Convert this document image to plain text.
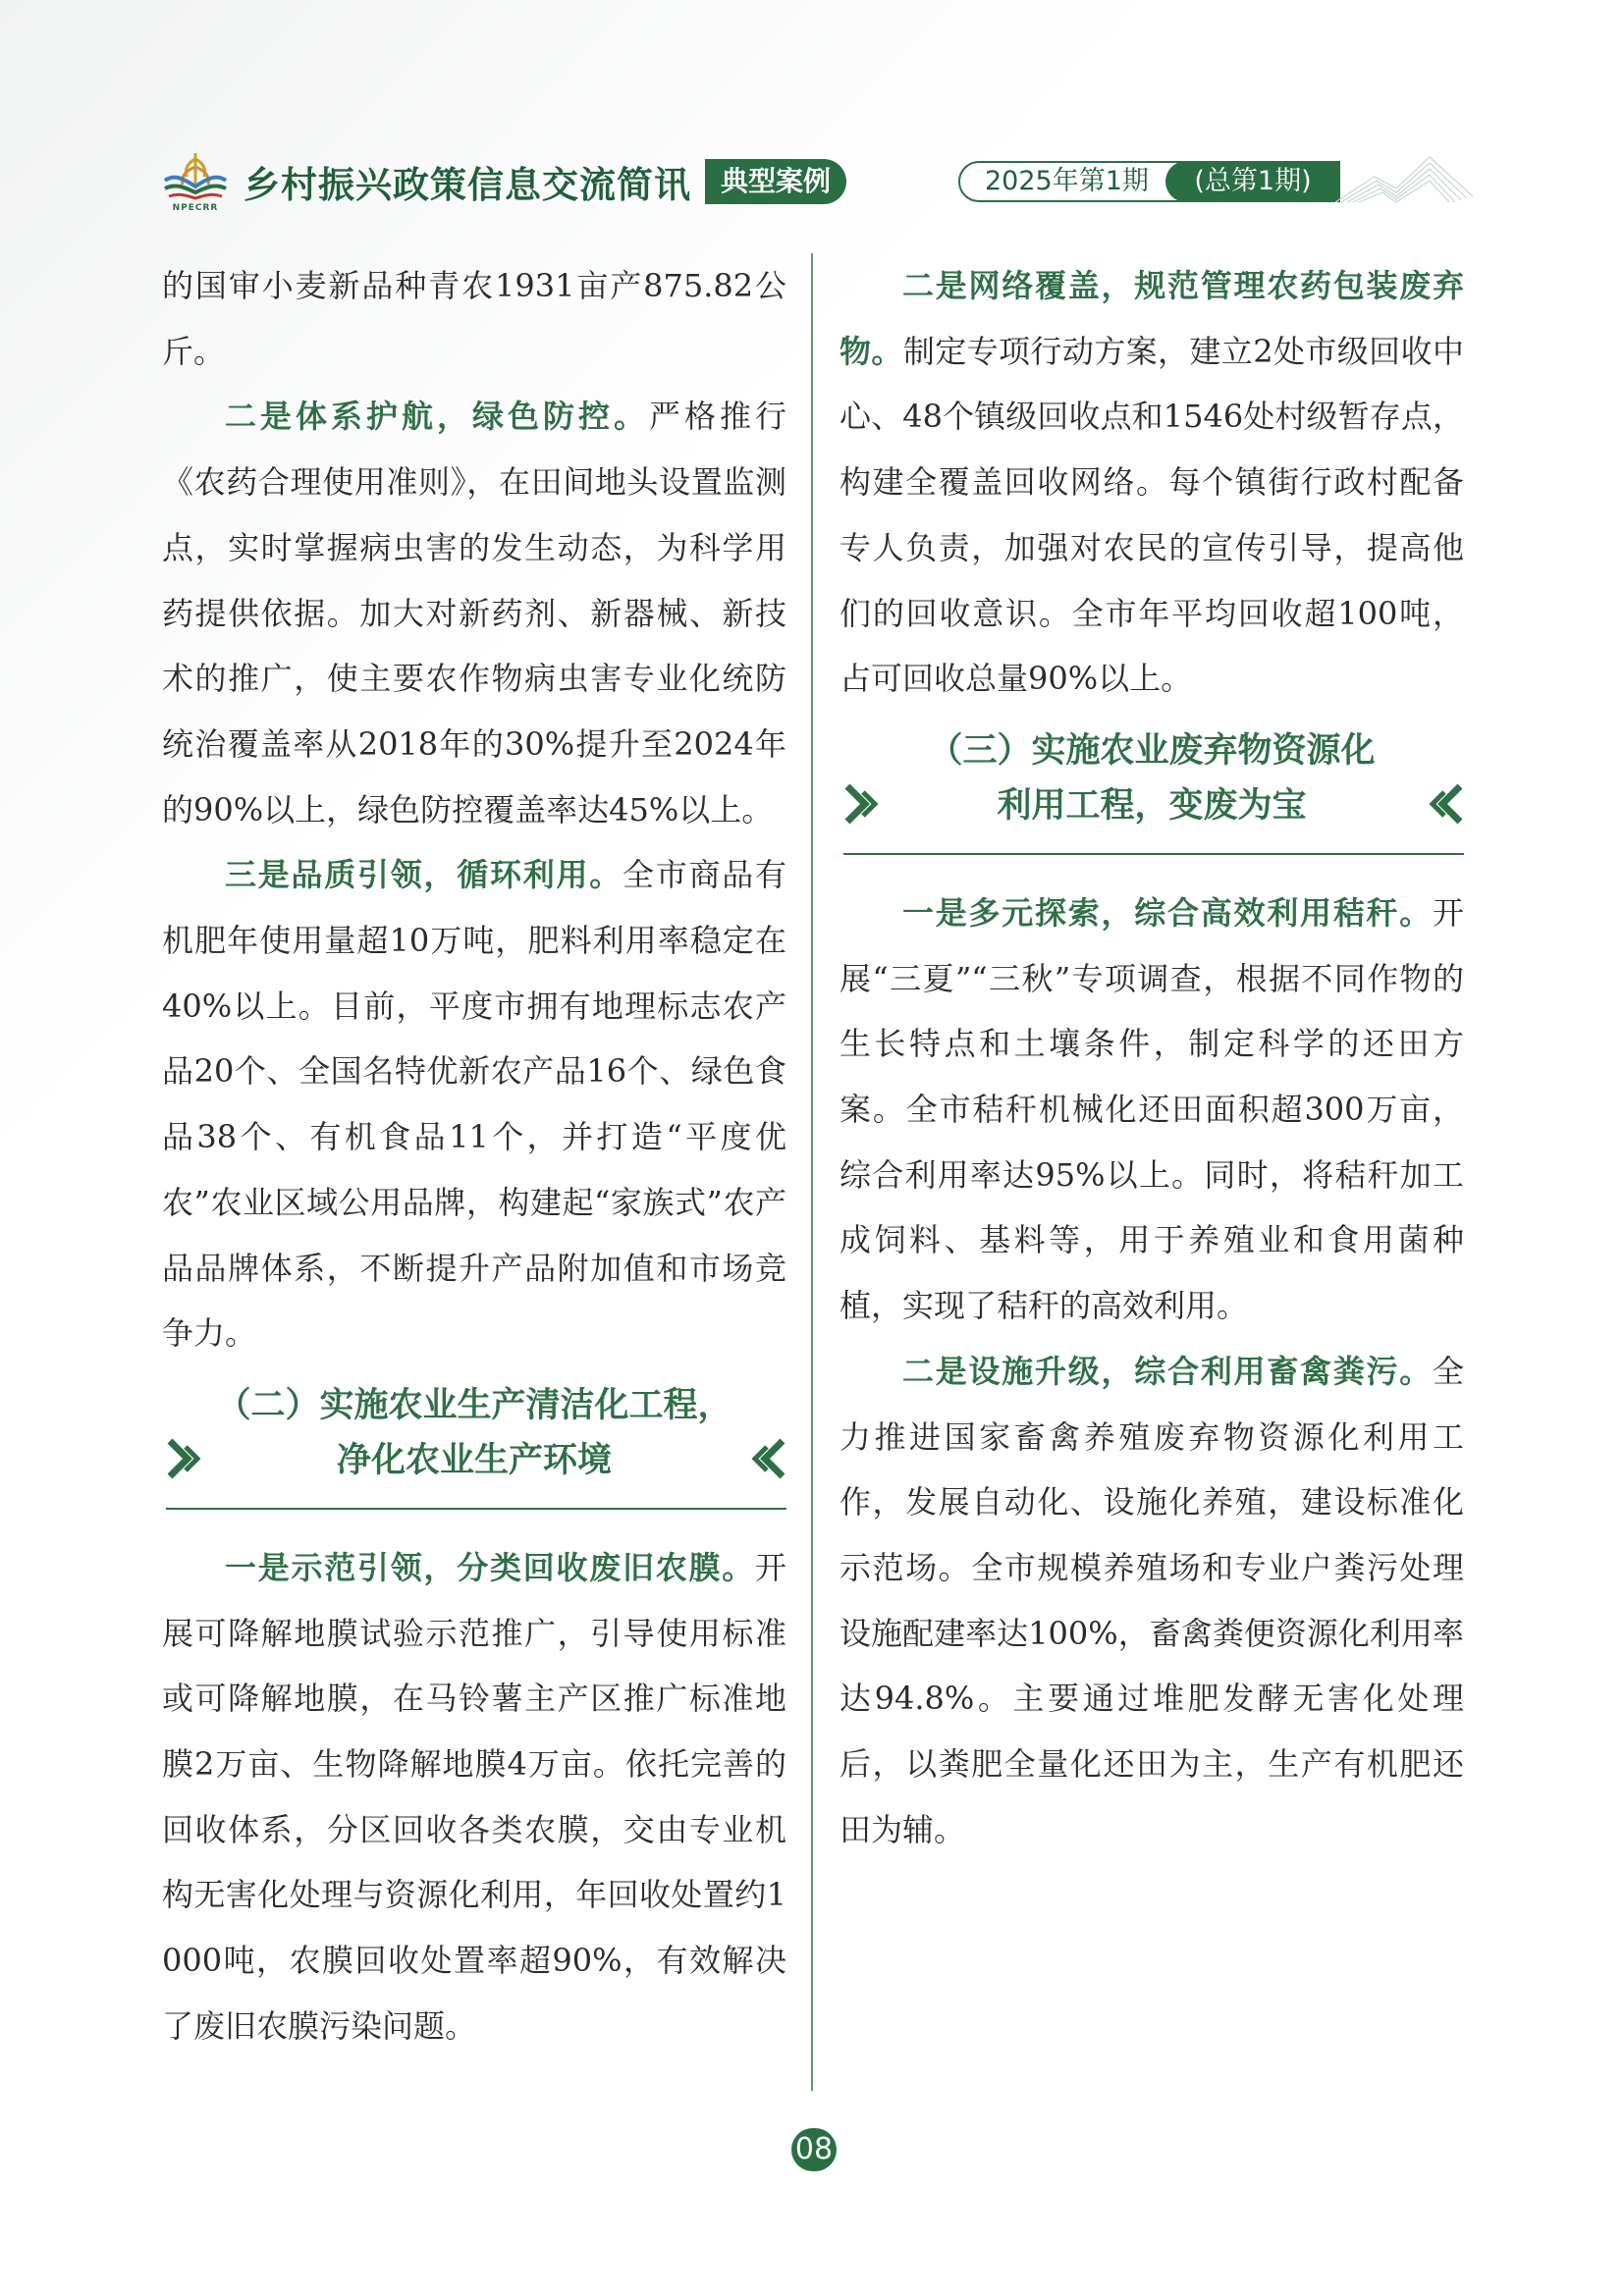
NPECRR
乡村振兴政策信息交流简讯	典型案例	2025年第1期	(总第1期)

的国审小麦新品种青农1931亩产875.82公斤。

二是体系护航，绿色防控。严格推行《农药合理使用准则》，在田间地头设置监测点，实时掌握病虫害的发生动态，为科学用药提供依据。加大对新药剂、新器械、新技术的推广，使主要农作物病虫害专业化统防统治覆盖率从2018年的30%提升至2024年的90%以上，绿色防控覆盖率达45%以上。

三是品质引领，循环利用。全市商品有机肥年使用量超10万吨，肥料利用率稳定在40%以上。目前，平度市拥有地理标志农产品20个、全国名特优新农产品16个、绿色食品38个、有机食品11个，并打造“平度优农”农业区域公用品牌，构建起“家族式”农产品品牌体系，不断提升产品附加值和市场竞争力。

（二）实施农业生产清洁化工程，
净化农业生产环境

一是示范引领，分类回收废旧农膜。开展可降解地膜试验示范推广，引导使用标准或可降解地膜，在马铃薯主产区推广标准地膜2万亩、生物降解地膜4万亩。依托完善的回收体系，分区回收各类农膜，交由专业机构无害化处理与资源化利用，年回收处置约1000吨，农膜回收处置率超90%，有效解决了废旧农膜污染问题。

二是网络覆盖，规范管理农药包装废弃物。制定专项行动方案，建立2处市级回收中心、48个镇级回收点和1546处村级暂存点，构建全覆盖回收网络。每个镇街行政村配备专人负责，加强对农民的宣传引导，提高他们的回收意识。全市年平均回收超100吨，占可回收总量90%以上。

（三）实施农业废弃物资源化
利用工程，变废为宝

一是多元探索，综合高效利用秸秆。开展“三夏”“三秋”专项调查，根据不同作物的生长特点和土壤条件，制定科学的还田方案。全市秸秆机械化还田面积超300万亩，综合利用率达95%以上。同时，将秸秆加工成饲料、基料等，用于养殖业和食用菌种植，实现了秸秆的高效利用。

二是设施升级，综合利用畜禽粪污。全力推进国家畜禽养殖废弃物资源化利用工作，发展自动化、设施化养殖，建设标准化示范场。全市规模养殖场和专业户粪污处理设施配建率达100%，畜禽粪便资源化利用率达94.8%。主要通过堆肥发酵无害化处理后，以粪肥全量化还田为主，生产有机肥还田为辅。

08
